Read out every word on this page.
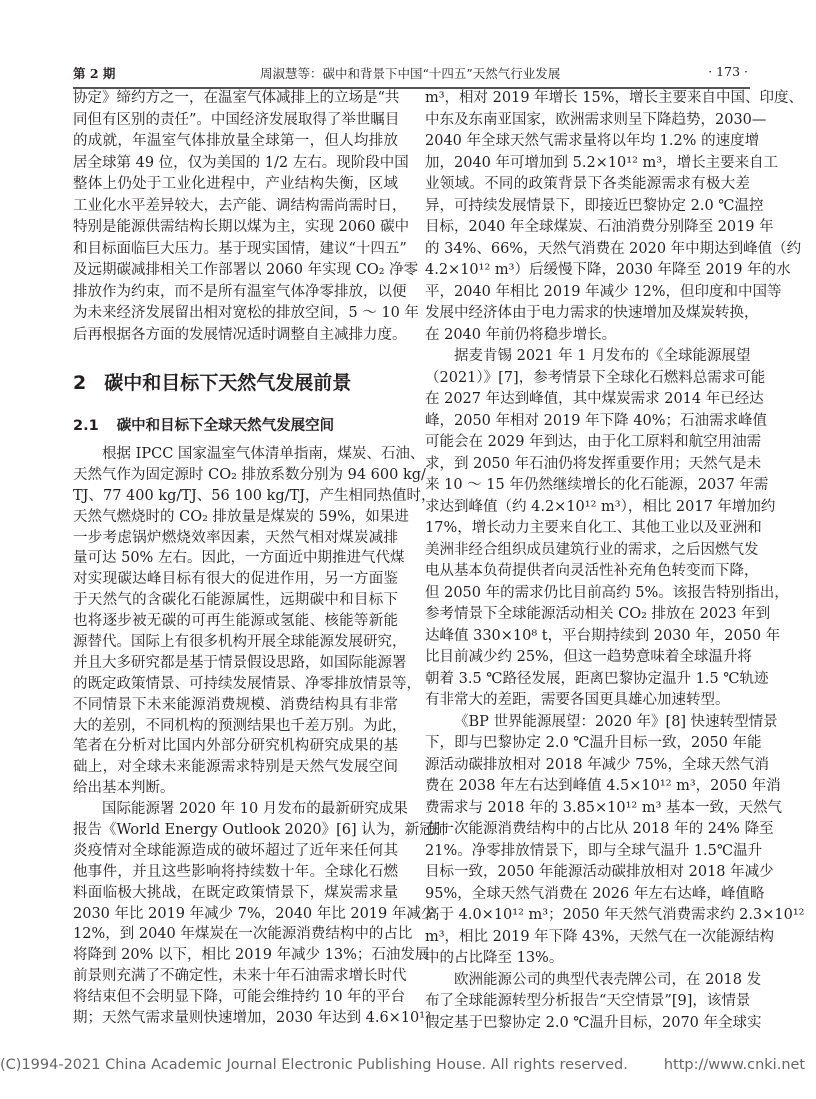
第 2 期	周淑慧等：碳中和背景下中国“十四五”天然气行业发展	· 173 ·
协定》缔约方之一，在温室气体减排上的立场是“共
同但有区别的责任”。中国经济发展取得了举世瞩目
的成就，年温室气体排放量全球第一，但人均排放
居全球第 49 位，仅为美国的 1/2 左右。现阶段中国
整体上仍处于工业化进程中，产业结构失衡，区域
工业化水平差异较大，去产能、调结构需尚需时日，
特别是能源供需结构长期以煤为主，实现 2060 碳中
和目标面临巨大压力。基于现实国情，建议“十四五”
及远期碳减排相关工作部署以 2060 年实现 CO₂ 净零
排放作为约束，而不是所有温室气体净零排放，以便
为未来经济发展留出相对宽松的排放空间，5 ～ 10 年
后再根据各方面的发展情况适时调整自主减排力度。
2 碳中和目标下天然气发展前景
2.1 碳中和目标下全球天然气发展空间
根据 IPCC 国家温室气体清单指南，煤炭、石油、
天然气作为固定源时 CO₂ 排放系数分别为 94 600 kg/
TJ、77 400 kg/TJ、56 100 kg/TJ，产生相同热值时，
天然气燃烧时的 CO₂ 排放量是煤炭的 59%，如果进
一步考虑锅炉燃烧效率因素，天然气相对煤炭减排
量可达 50% 左右。因此，一方面近中期推进气代煤
对实现碳达峰目标有很大的促进作用，另一方面鉴
于天然气的含碳化石能源属性，远期碳中和目标下
也将逐步被无碳的可再生能源或氢能、核能等新能
源替代。国际上有很多机构开展全球能源发展研究，
并且大多研究都是基于情景假设思路，如国际能源署
的既定政策情景、可持续发展情景、净零排放情景等，
不同情景下未来能源消费规模、消费结构具有非常
大的差别，不同机构的预测结果也千差万别。为此，
笔者在分析对比国内外部分研究机构研究成果的基
础上，对全球未来能源需求特别是天然气发展空间
给出基本判断。
国际能源署 2020 年 10 月发布的最新研究成果
报告《World Energy Outlook 2020》[6] 认为，新冠肺
炎疫情对全球能源造成的破坏超过了近年来任何其
他事件，并且这些影响将持续数十年。全球化石燃
料面临极大挑战，在既定政策情景下，煤炭需求量
2030 年比 2019 年减少 7%，2040 年比 2019 年减少
12%，到 2040 年煤炭在一次能源消费结构中的占比
将降到 20% 以下，相比 2019 年减少 13%；石油发展
前景则充满了不确定性，未来十年石油需求增长时代
将结束但不会明显下降，可能会维持约 10 年的平台
期；天然气需求量则快速增加，2030 年达到 4.6×10¹²
m³，相对 2019 年增长 15%，增长主要来自中国、印度、
中东及东南亚国家，欧洲需求则呈下降趋势，2030—
2040 年全球天然气需求量将以年均 1.2% 的速度增
加，2040 年可增加到 5.2×10¹² m³，增长主要来自工
业领域。不同的政策背景下各类能源需求有极大差
异，可持续发展情景下，即接近巴黎协定 2.0 ℃温控
目标，2040 年全球煤炭、石油消费分别降至 2019 年
的 34%、66%，天然气消费在 2020 年中期达到峰值（约
4.2×10¹² m³）后缓慢下降，2030 年降至 2019 年的水
平，2040 年相比 2019 年减少 12%，但印度和中国等
发展中经济体由于电力需求的快速增加及煤炭转换，
在 2040 年前仍将稳步增长。
据麦肯锡 2021 年 1 月发布的《全球能源展望
（2021）》[7]，参考情景下全球化石燃料总需求可能
在 2027 年达到峰值，其中煤炭需求 2014 年已经达
峰，2050 年相对 2019 年下降 40%；石油需求峰值
可能会在 2029 年到达，由于化工原料和航空用油需
求，到 2050 年石油仍将发挥重要作用；天然气是未
来 10 ～ 15 年仍然继续增长的化石能源，2037 年需
求达到峰值（约 4.2×10¹² m³），相比 2017 年增加约
17%，增长动力主要来自化工、其他工业以及亚洲和
美洲非经合组织成员建筑行业的需求，之后因燃气发
电从基本负荷提供者向灵活性补充角色转变而下降，
但 2050 年的需求仍比目前高约 5%。该报告特别指出，
参考情景下全球能源活动相关 CO₂ 排放在 2023 年到
达峰值 330×10⁸ t，平台期持续到 2030 年，2050 年
比目前减少约 25%，但这一趋势意味着全球温升将
朝着 3.5 ℃路径发展，距离巴黎协定温升 1.5 ℃轨迹
有非常大的差距，需要各国更具雄心加速转型。
《BP 世界能源展望：2020 年》[8] 快速转型情景
下，即与巴黎协定 2.0 ℃温升目标一致，2050 年能
源活动碳排放相对 2018 年减少 75%，全球天然气消
费在 2038 年左右达到峰值 4.5×10¹² m³，2050 年消
费需求与 2018 年的 3.85×10¹² m³ 基本一致，天然气
在一次能源消费结构中的占比从 2018 年的 24% 降至
21%。净零排放情景下，即与全球气温升 1.5℃温升
目标一致，2050 年能源活动碳排放相对 2018 年减少
95%，全球天然气消费在 2026 年左右达峰，峰值略
高于 4.0×10¹² m³；2050 年天然气消费需求约 2.3×10¹²
m³，相比 2019 年下降 43%，天然气在一次能源结构
中的占比降至 13%。
欧洲能源公司的典型代表壳牌公司，在 2018 发
布了全球能源转型分析报告“天空情景”[9]，该情景
假定基于巴黎协定 2.0 ℃温升目标，2070 年全球实
(C)1994-2021 China Academic Journal Electronic Publishing House. All rights reserved. http://www.cnki.net
